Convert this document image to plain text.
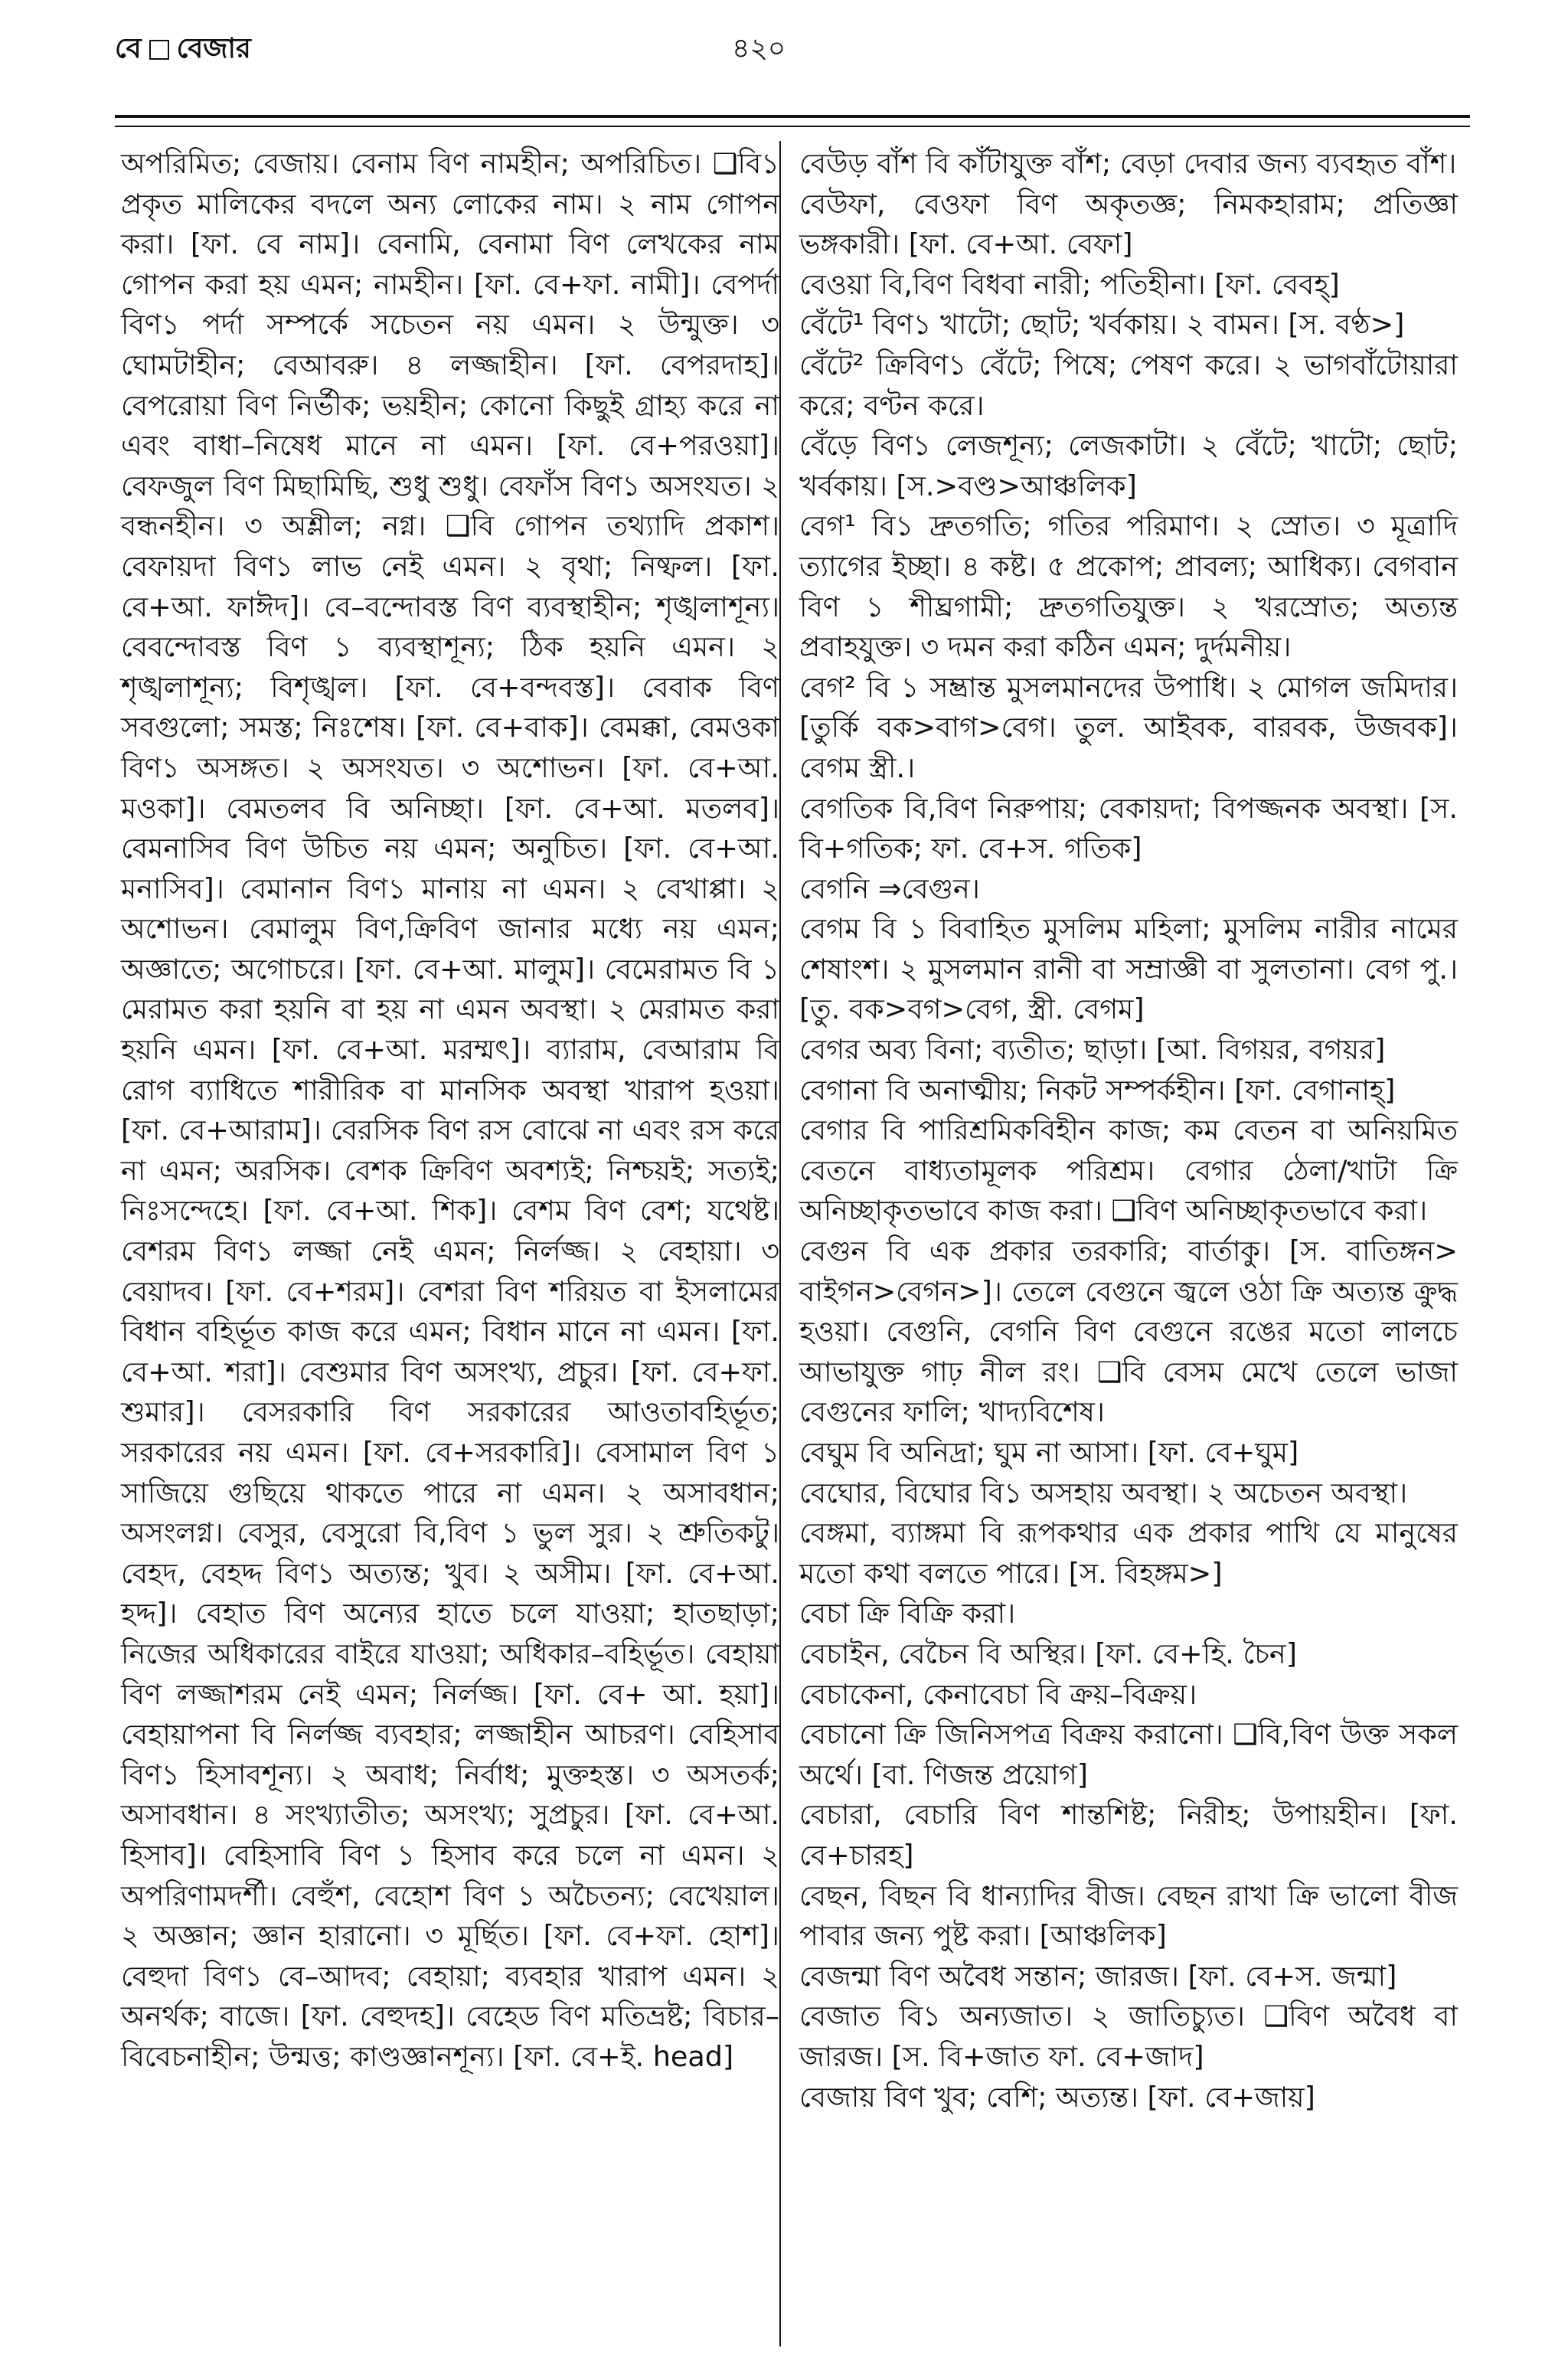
বে বেজার	৪২০

অপরিমিত; বেজায়। বেনাম বিণ নামহীন; অপরিচিত। ❑বি১ প্রকৃত মালিকের বদলে অন্য লোকের নাম। ২ নাম গোপন করা। [ফা. বে নাম]। বেনামি, বেনামা বিণ লেখকের নাম গোপন করা হয় এমন; নামহীন। [ফা. বে+ফা. নামী]। বেপর্দা বিণ১ পর্দা সম্পর্কে সচেতন নয় এমন। ২ উন্মুক্ত। ৩ ঘোমটাহীন; বেআবরু। ৪ লজ্জাহীন। [ফা. বেপরদাহ]। বেপরোয়া বিণ নির্ভীক; ভয়হীন; কোনো কিছুই গ্রাহ্য করে না এবং বাধা–নিষেধ মানে না এমন। [ফা. বে+পরওয়া]। বেফজুল বিণ মিছামিছি, শুধু শুধু। বেফাঁস বিণ১ অসংযত। ২ বন্ধনহীন। ৩ অশ্লীল; নগ্ন। ❑বি গোপন তথ্যাদি প্রকাশ। বেফায়দা বিণ১ লাভ নেই এমন। ২ বৃথা; নিষ্ফল। [ফা. বে+আ. ফাঈদ]। বে–বন্দোবস্ত বিণ ব্যবস্থাহীন; শৃঙ্খলাশূন্য। বেবন্দোবস্ত বিণ ১ ব্যবস্থাশূন্য; ঠিক হয়নি এমন। ২ শৃঙ্খলাশূন্য; বিশৃঙ্খল। [ফা. বে+বন্দবস্ত]। বেবাক বিণ সবগুলো; সমস্ত; নিঃশেষ। [ফা. বে+বাক]। বেমক্কা, বেমওকা বিণ১ অসঙ্গত। ২ অসংযত। ৩ অশোভন। [ফা. বে+আ. মওকা]। বেমতলব বি অনিচ্ছা। [ফা. বে+আ. মতলব]। বেমনাসিব বিণ উচিত নয় এমন; অনুচিত। [ফা. বে+আ. মনাসিব]। বেমানান বিণ১ মানায় না এমন। ২ বেখাপ্পা। ২ অশোভন। বেমালুম বিণ,ক্রিবিণ জানার মধ্যে নয় এমন; অজ্ঞাতে; অগোচরে। [ফা. বে+আ. মালুম]। বেমেরামত বি ১ মেরামত করা হয়নি বা হয় না এমন অবস্থা। ২ মেরামত করা হয়নি এমন। [ফা. বে+আ. মরম্মৎ]। ব্যারাম, বেআরাম বি রোগ ব্যাধিতে শারীরিক বা মানসিক অবস্থা খারাপ হওয়া। [ফা. বে+আরাম]। বেরসিক বিণ রস বোঝে না এবং রস করে না এমন; অরসিক। বেশক ক্রিবিণ অবশ্যই; নিশ্চয়ই; সত্যই; নিঃসন্দেহে। [ফা. বে+আ. শিক]। বেশম বিণ বেশ; যথেষ্ট। বেশরম বিণ১ লজ্জা নেই এমন; নির্লজ্জ। ২ বেহায়া। ৩ বেয়াদব। [ফা. বে+শরম]। বেশরা বিণ শরিয়ত বা ইসলামের বিধান বহির্ভূত কাজ করে এমন; বিধান মানে না এমন। [ফা. বে+আ. শরা]। বেশুমার বিণ অসংখ্য, প্রচুর। [ফা. বে+ফা. শুমার]। বেসরকারি বিণ সরকারের আওতাবহির্ভূত; সরকারের নয় এমন। [ফা. বে+সরকারি]। বেসামাল বিণ ১ সাজিয়ে গুছিয়ে থাকতে পারে না এমন। ২ অসাবধান; অসংলগ্ন। বেসুর, বেসুরো বি,বিণ ১ ভুল সুর। ২ শ্রুতিকটু। বেহদ, বেহদ্দ বিণ১ অত্যন্ত; খুব। ২ অসীম। [ফা. বে+আ. হদ্দ]। বেহাত বিণ অন্যের হাতে চলে যাওয়া; হাতছাড়া; নিজের অধিকারের বাইরে যাওয়া; অধিকার–বহির্ভূত। বেহায়া বিণ লজ্জাশরম নেই এমন; নির্লজ্জ। [ফা. বে+ আ. হয়া]। বেহায়াপনা বি নির্লজ্জ ব্যবহার; লজ্জাহীন আচরণ। বেহিসাব বিণ১ হিসাবশূন্য। ২ অবাধ; নির্বাধ; মুক্তহস্ত। ৩ অসতর্ক; অসাবধান। ৪ সংখ্যাতীত; অসংখ্য; সুপ্রচুর। [ফা. বে+আ. হিসাব]। বেহিসাবি বিণ ১ হিসাব করে চলে না এমন। ২ অপরিণামদর্শী। বেহুঁশ, বেহোশ বিণ ১ অচৈতন্য; বেখেয়াল। ২ অজ্ঞান; জ্ঞান হারানো। ৩ মূর্ছিত। [ফা. বে+ফা. হোশ]। বেহুদা বিণ১ বে–আদব; বেহায়া; ব্যবহার খারাপ এমন। ২ অনর্থক; বাজে। [ফা. বেহুদহ]। বেহেড বিণ মতিভ্রষ্ট; বিচার–বিবেচনাহীন; উন্মত্ত; কাণ্ডজ্ঞানশূন্য। [ফা. বে+ই. head]

বেউড় বাঁশ বি কাঁটাযুক্ত বাঁশ; বেড়া দেবার জন্য ব্যবহৃত বাঁশ।

বেউফা, বেওফা বিণ অকৃতজ্ঞ; নিমকহারাম; প্রতিজ্ঞা ভঙ্গকারী। [ফা. বে+আ. বেফা]

বেওয়া বি,বিণ বিধবা নারী; পতিহীনা। [ফা. বেবহ্]

বেঁটে¹ বিণ১ খাটো; ছোট; খর্বকায়। ২ বামন। [স. বণ্ঠ>]

বেঁটে² ক্রিবিণ১ বেঁটে; পিষে; পেষণ করে। ২ ভাগবাঁটোয়ারা করে; বণ্টন করে।

বেঁড়ে বিণ১ লেজশূন্য; লেজকাটা। ২ বেঁটে; খাটো; ছোট; খর্বকায়। [স.>বণ্ড>আঞ্চলিক]

বেগ¹ বি১ দ্রুতগতি; গতির পরিমাণ। ২ স্রোত। ৩ মূত্রাদি ত্যাগের ইচ্ছা। ৪ কষ্ট। ৫ প্রকোপ; প্রাবল্য; আধিক্য। বেগবান বিণ ১ শীঘ্রগামী; দ্রুতগতিযুক্ত। ২ খরস্রোত; অত্যন্ত প্রবাহযুক্ত। ৩ দমন করা কঠিন এমন; দুর্দমনীয়।

বেগ² বি ১ সম্ভ্রান্ত মুসলমানদের উপাধি। ২ মোগল জমিদার। [তুর্কি বক>বাগ>বেগ। তুল. আইবক, বারবক, উজবক]। বেগম স্ত্রী.।

বেগতিক বি,বিণ নিরুপায়; বেকায়দা; বিপজ্জনক অবস্থা। [স. বি+গতিক; ফা. বে+স. গতিক]

বেগনি ⇒বেগুন।

বেগম বি ১ বিবাহিত মুসলিম মহিলা; মুসলিম নারীর নামের শেষাংশ। ২ মুসলমান রানী বা সম্রাজ্ঞী বা সুলতানা। বেগ পু.। [তু. বক>বগ>বেগ, স্ত্রী. বেগম]

বেগর অব্য বিনা; ব্যতীত; ছাড়া। [আ. বিগয়র, বগয়র]

বেগানা বি অনাত্মীয়; নিকট সম্পর্কহীন। [ফা. বেগানাহ্]

বেগার বি পারিশ্রমিকবিহীন কাজ; কম বেতন বা অনিয়মিত বেতনে বাধ্যতামূলক পরিশ্রম। বেগার ঠেলা/খাটা ক্রি অনিচ্ছাকৃতভাবে কাজ করা। ❑বিণ অনিচ্ছাকৃতভাবে করা।

বেগুন বি এক প্রকার তরকারি; বার্তাকু। [স. বাতিঙ্গন> বাইগন>বেগন>]। তেলে বেগুনে জ্বলে ওঠা ক্রি অত্যন্ত ক্রুদ্ধ হওয়া। বেগুনি, বেগনি বিণ বেগুনে রঙের মতো লালচে আভাযুক্ত গাঢ় নীল রং। ❑বি বেসম মেখে তেলে ভাজা বেগুনের ফালি; খাদ্যবিশেষ।

বেঘুম বি অনিদ্রা; ঘুম না আসা। [ফা. বে+ঘুম]

বেঘোর, বিঘোর বি১ অসহায় অবস্থা। ২ অচেতন অবস্থা।

বেঙ্গমা, ব্যাঙ্গমা বি রূপকথার এক প্রকার পাখি যে মানুষের মতো কথা বলতে পারে। [স. বিহঙ্গম>]

বেচা ক্রি বিক্রি করা।

বেচাইন, বেচৈন বি অস্থির। [ফা. বে+হি. চৈন]

বেচাকেনা, কেনাবেচা বি ক্রয়–বিক্রয়।

বেচানো ক্রি জিনিসপত্র বিক্রয় করানো। ❑বি,বিণ উক্ত সকল অর্থে। [বা. ণিজন্ত প্রয়োগ]

বেচারা, বেচারি বিণ শান্তশিষ্ট; নিরীহ; উপায়হীন। [ফা. বে+চারহ]

বেছন, বিছন বি ধান্যাদির বীজ। বেছন রাখা ক্রি ভালো বীজ পাবার জন্য পুষ্ট করা। [আঞ্চলিক]

বেজন্মা বিণ অবৈধ সন্তান; জারজ। [ফা. বে+স. জন্মা]

বেজাত বি১ অন্যজাত। ২ জাতিচ্যুত। ❑বিণ অবৈধ বা জারজ। [স. বি+জাত ফা. বে+জাদ]

বেজায় বিণ খুব; বেশি; অত্যন্ত। [ফা. বে+জায়]
